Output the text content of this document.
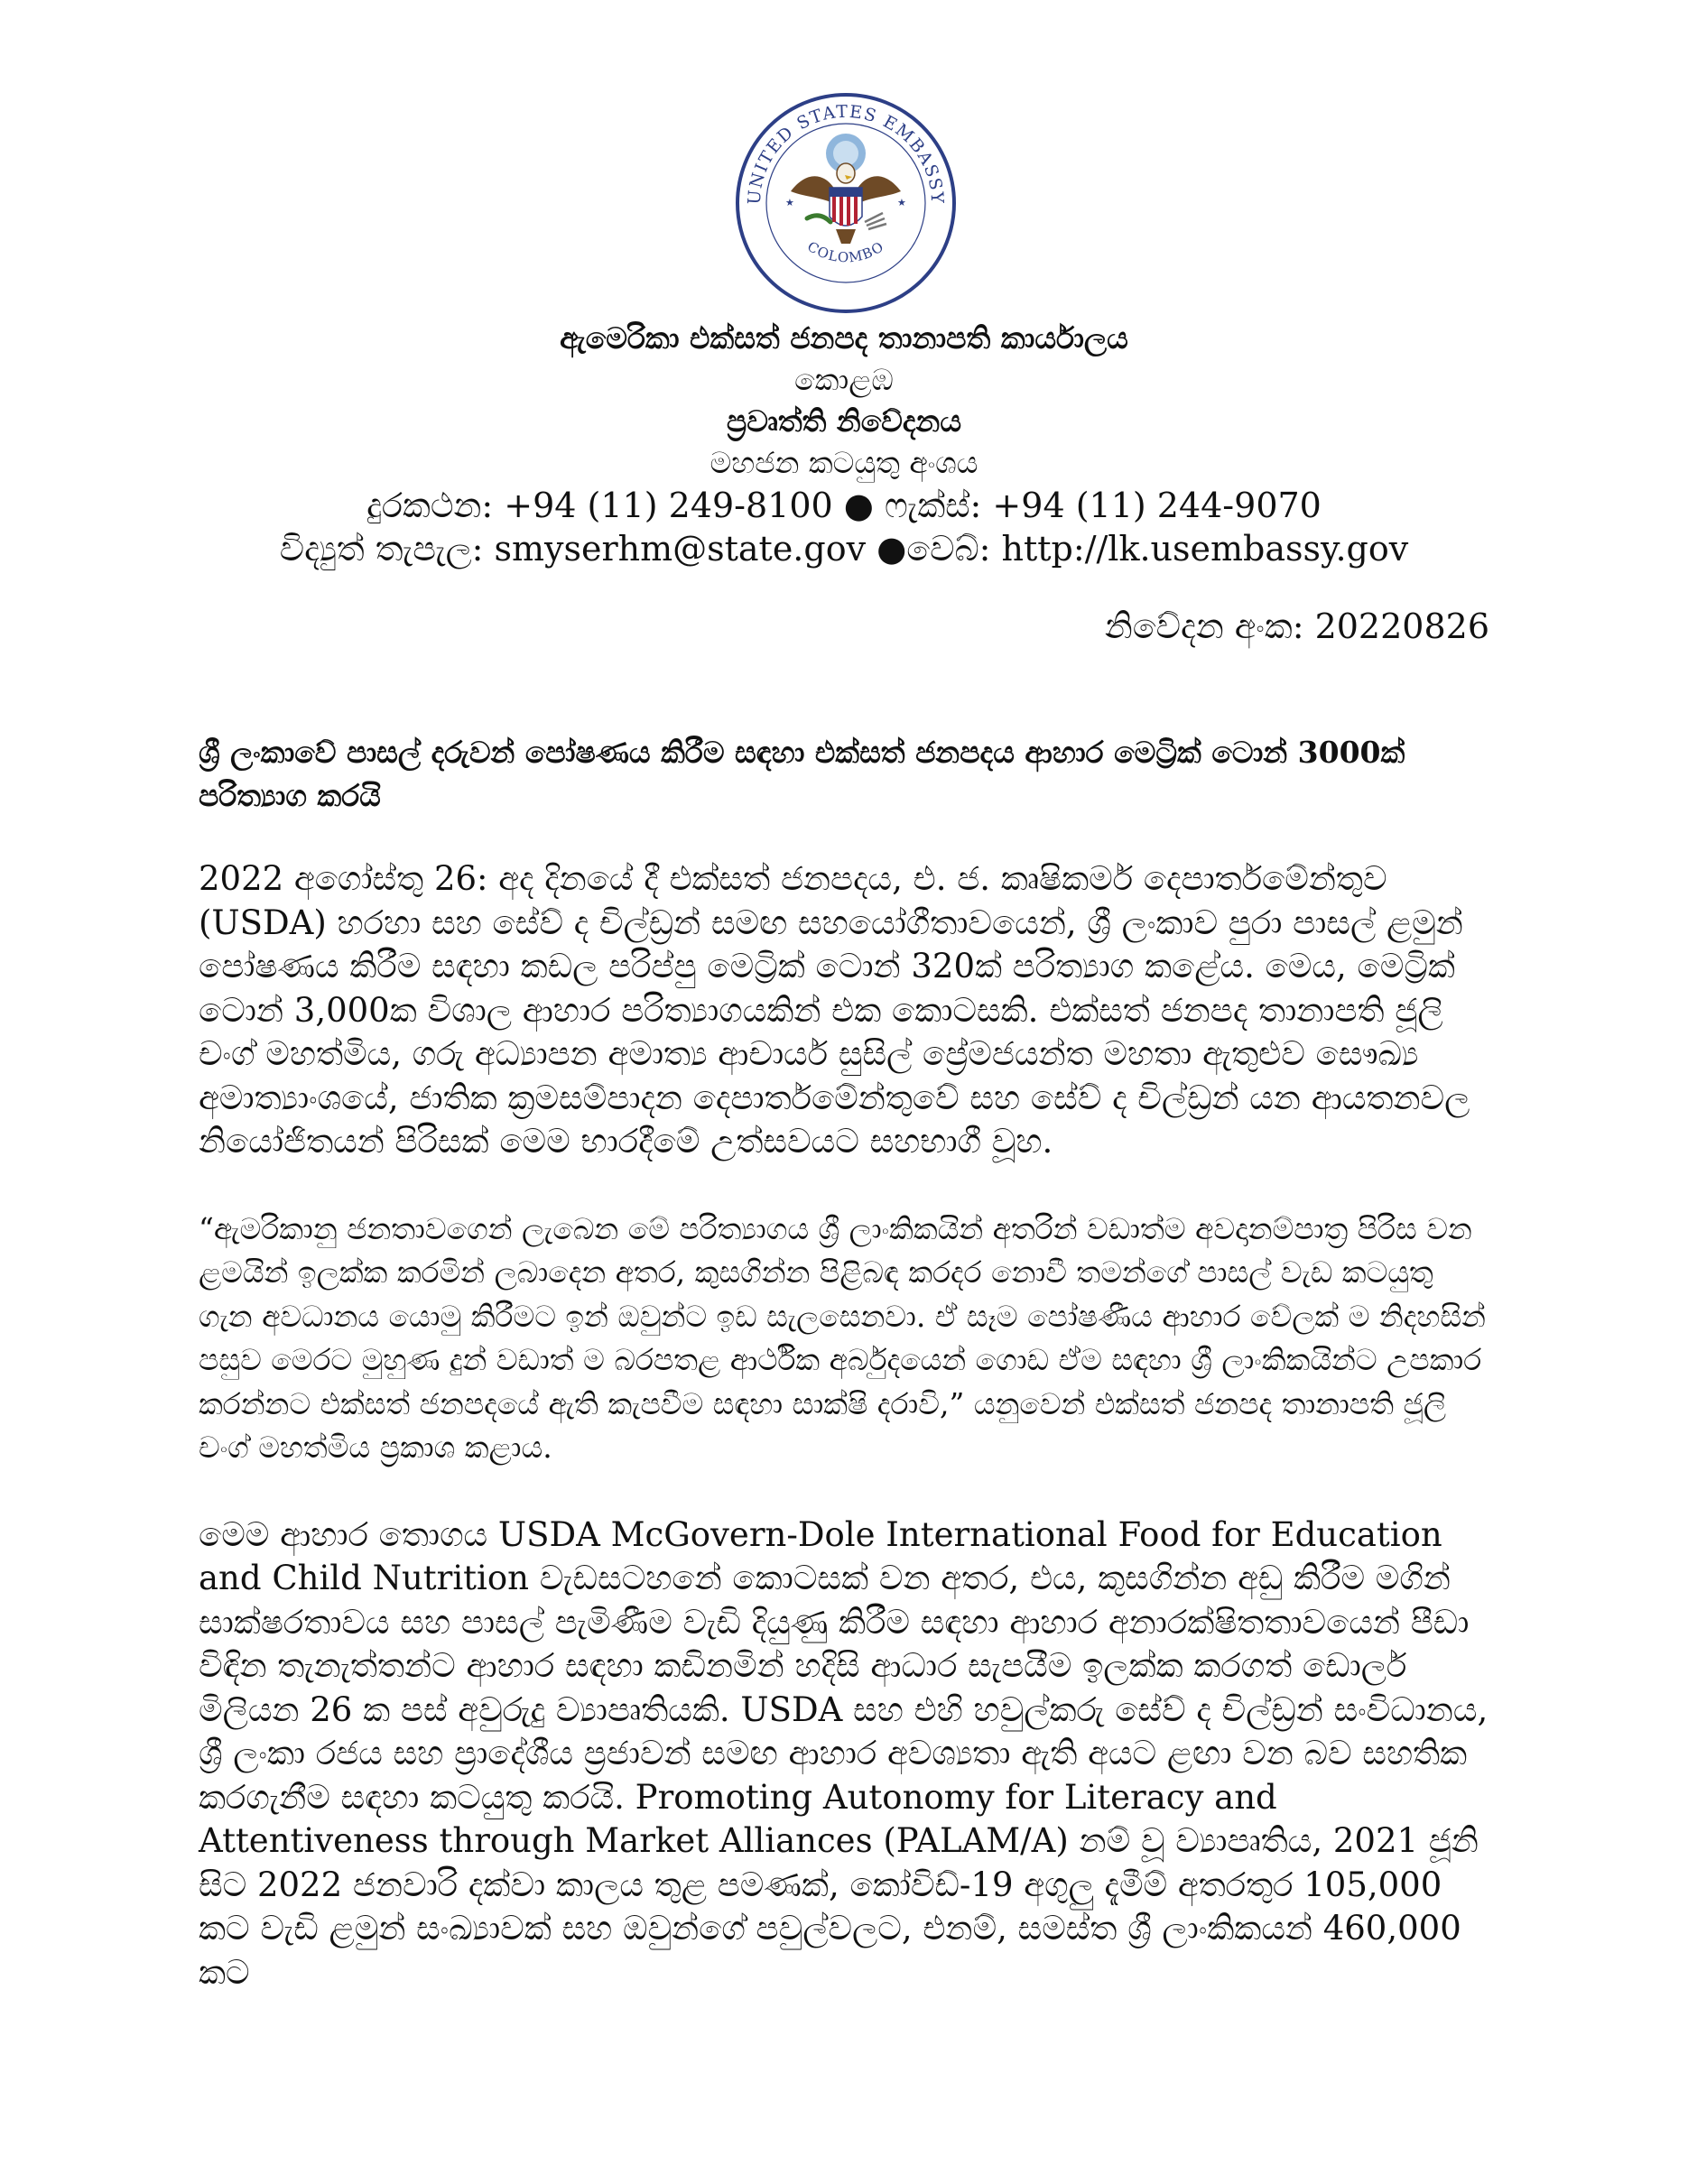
UNITED STATES EMBASSY
COLOMBO
★	★
ඇමෙරිකා එක්සත් ජනපද තානාපති කාර්යාලය
කොළඹ
ප්‍රවෘත්ති නිවේදනය
මහජන කටයුතු අංශය
දුරකථන: +94 (11) 249-8100 ● ෆැක්ස්: +94 (11) 244-9070
විද්‍යුත් තැපැල: smyserhm@state.gov ●වෙබ්: http://lk.usembassy.gov
නිවේදන අංක: 20220826

ශ්‍රී ලංකාවේ පාසල් දරුවන් පෝෂණය කිරීම සඳහා එක්සත් ජනපදය ආහාර මෙට්‍රික් ටොන් 3000ක් පරිත්‍යාග කරයි

2022 අගෝස්තු 26: අද දිනයේ දී එක්සත් ජනපදය, එ. ජ. කෘෂිකර්ම දෙපාර්තමේන්තුව (USDA) හරහා සහ සේව් ද චිල්ඩ්‍රන් සමඟ සහයෝගීතාවයෙන්, ශ්‍රී ලංකාව පුරා පාසල් ළමුන් පෝෂණය කිරීම සඳහා කඩල පරිප්පු මෙට්‍රික් ටොන් 320ක් පරිත්‍යාග කළේය. මෙය, මෙට්‍රික් ටොන් 3,000ක විශාල ආහාර පරිත්‍යාගයකින් එක කොටසකි. එක්සත් ජනපද තානාපති ජූලි චංග් මහත්මිය, ගරු අධ්‍යාපන අමාත්‍ය ආචාර්ය සුසිල් ප්‍රේමජයන්ත මහතා ඇතුළුව සෞඛ්‍ය අමාත්‍යාංශයේ, ජාතික ක්‍රමසම්පාදන දෙපාර්තමේන්තුවේ සහ සේව් ද චිල්ඩ්‍රන් යන ආයතනවල නියෝජිතයන් පිරිසක් මෙම භාරදීමේ උත්සවයට සහභාගී වූහ.

“ඇමරිකානු ජනතාවගෙන් ලැබෙන මේ පරිත්‍යාගය ශ්‍රී ලාංකිකයින් අතරින් වඩාත්ම අවදානම්පාත්‍ර පිරිස වන ළමයින් ඉලක්ක කරමින් ලබාදෙන අතර, කුසගින්න පිළිබඳ කරදර නොවී තමන්ගේ පාසල් වැඩ කටයුතු ගැන අවධානය යොමු කිරීමට ඉන් ඔවුන්ට ඉඩ සැලසෙනවා. ඒ සෑම පෝෂණීය ආහාර වේලක් ම නිදහසින් පසුව මෙරට මුහුණ දුන් වඩාත් ම බරපතළ ආර්ථික අර්බුදයෙන් ගොඩ ඒම සඳහා ශ්‍රී ලාංකිකයින්ට උපකාර කරන්නට එක්සත් ජනපදයේ ඇති කැපවීම සඳහා සාක්ෂි දරාවි,” යනුවෙන් එක්සත් ජනපද තානාපති ජූලි චංග් මහත්මිය ප්‍රකාශ කළාය.

මෙම ආහාර තොගය USDA McGovern-Dole International Food for Education and Child Nutrition වැඩසටහනේ කොටසක් වන අතර, එය, කුසගින්න අඩු කිරීම මගින් සාක්ෂරතාවය සහ පාසල් පැමිණීම වැඩි දියුණු කිරීම සඳහා ආහාර අනාරක්ෂිතතාවයෙන් පීඩා විඳින තැනැත්තන්ට ආහාර සඳහා කඩිනමින් හදිසි ආධාර සැපයීම ඉලක්ක කරගත් ඩොලර් මිලියන 26 ක පස් අවුරුදු ව්‍යාපෘතියකි. USDA සහ එහි හවුල්කරු සේව් ද චිල්ඩ්‍රන් සංවිධානය, ශ්‍රී ලංකා රජය සහ ප්‍රාදේශීය ප්‍රජාවන් සමඟ ආහාර අවශ්‍යතා ඇති අයට ළඟා වන බව සහතික කරගැනීම සඳහා කටයුතු කරයි. Promoting Autonomy for Literacy and Attentiveness through Market Alliances (PALAM/A) නම් වූ ව්‍යාපෘතිය, 2021 ජූනි සිට 2022 ජනවාරි දක්වා කාලය තුළ පමණක්, කෝවිඩ්-19 අගුලු දැමීම් අතරතුර 105,000 කට වැඩි ළමුන් සංඛ්‍යාවක් සහ ඔවුන්ගේ පවුල්වලට, එනම්, සමස්ත ශ්‍රී ලාංකිකයන් 460,000 කට
